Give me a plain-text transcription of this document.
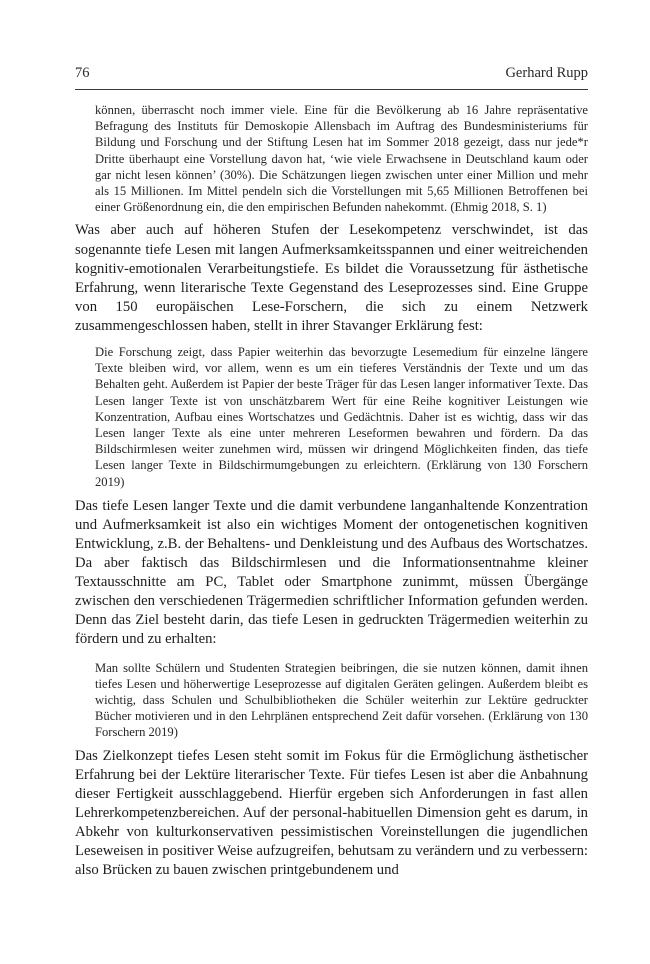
76	Gerhard Rupp

können, überrascht noch immer viele. Eine für die Bevölkerung ab 16 Jahre repräsentative Befragung des Instituts für Demoskopie Allensbach im Auftrag des Bundesministeriums für Bildung und Forschung und der Stiftung Lesen hat im Sommer 2018 gezeigt, dass nur jede*r Dritte überhaupt eine Vorstellung davon hat, ‘wie viele Erwachsene in Deutschland kaum oder gar nicht lesen können’ (30%). Die Schätzungen liegen zwischen unter einer Million und mehr als 15 Millionen. Im Mittel pendeln sich die Vorstellungen mit 5,65 Millionen Betroffenen bei einer Größenordnung ein, die den empirischen Befunden nahekommt. (Ehmig 2018, S. 1)

Was aber auch auf höheren Stufen der Lesekompetenz verschwindet, ist das sogenannte tiefe Lesen mit langen Aufmerksamkeitsspannen und einer weitreichenden kognitiv-emotionalen Verarbeitungstiefe. Es bildet die Voraussetzung für ästhetische Erfahrung, wenn literarische Texte Gegenstand des Leseprozesses sind. Eine Gruppe von 150 europäischen Lese-Forschern, die sich zu einem Netzwerk zusammengeschlossen haben, stellt in ihrer Stavanger Erklärung fest:

Die Forschung zeigt, dass Papier weiterhin das bevorzugte Lesemedium für einzelne längere Texte bleiben wird, vor allem, wenn es um ein tieferes Verständnis der Texte und um das Behalten geht. Außerdem ist Papier der beste Träger für das Lesen langer informativer Texte. Das Lesen langer Texte ist von unschätzbarem Wert für eine Reihe kognitiver Leistungen wie Konzentration, Aufbau eines Wortschatzes und Gedächtnis. Daher ist es wichtig, dass wir das Lesen langer Texte als eine unter mehreren Leseformen bewahren und fördern. Da das Bildschirmlesen weiter zunehmen wird, müssen wir dringend Möglichkeiten finden, das tiefe Lesen langer Texte in Bildschirmumgebungen zu erleichtern. (Erklärung von 130 Forschern 2019)

Das tiefe Lesen langer Texte und die damit verbundene langanhaltende Konzentration und Aufmerksamkeit ist also ein wichtiges Moment der ontogenetischen kognitiven Entwicklung, z.B. der Behaltens- und Denkleistung und des Aufbaus des Wortschatzes. Da aber faktisch das Bildschirmlesen und die Informationsentnahme kleiner Textausschnitte am PC, Tablet oder Smartphone zunimmt, müssen Übergänge zwischen den verschiedenen Trägermedien schriftlicher Information gefunden werden. Denn das Ziel besteht darin, das tiefe Lesen in gedruckten Trägermedien weiterhin zu fördern und zu erhalten:

Man sollte Schülern und Studenten Strategien beibringen, die sie nutzen können, damit ihnen tiefes Lesen und höherwertige Leseprozesse auf digitalen Geräten gelingen. Außerdem bleibt es wichtig, dass Schulen und Schulbibliotheken die Schüler weiterhin zur Lektüre gedruckter Bücher motivieren und in den Lehrplänen entsprechend Zeit dafür vorsehen. (Erklärung von 130 Forschern 2019)

Das Zielkonzept tiefes Lesen steht somit im Fokus für die Ermöglichung ästhetischer Erfahrung bei der Lektüre literarischer Texte. Für tiefes Lesen ist aber die Anbahnung dieser Fertigkeit ausschlaggebend. Hierfür ergeben sich Anforderungen in fast allen Lehrerkompetenzbereichen. Auf der personal-habituellen Dimension geht es darum, in Abkehr von kulturkonservativen pessimistischen Voreinstellungen die jugendlichen Leseweisen in positiver Weise aufzugreifen, behutsam zu verändern und zu verbessern: also Brücken zu bauen zwischen printgebundenem und
